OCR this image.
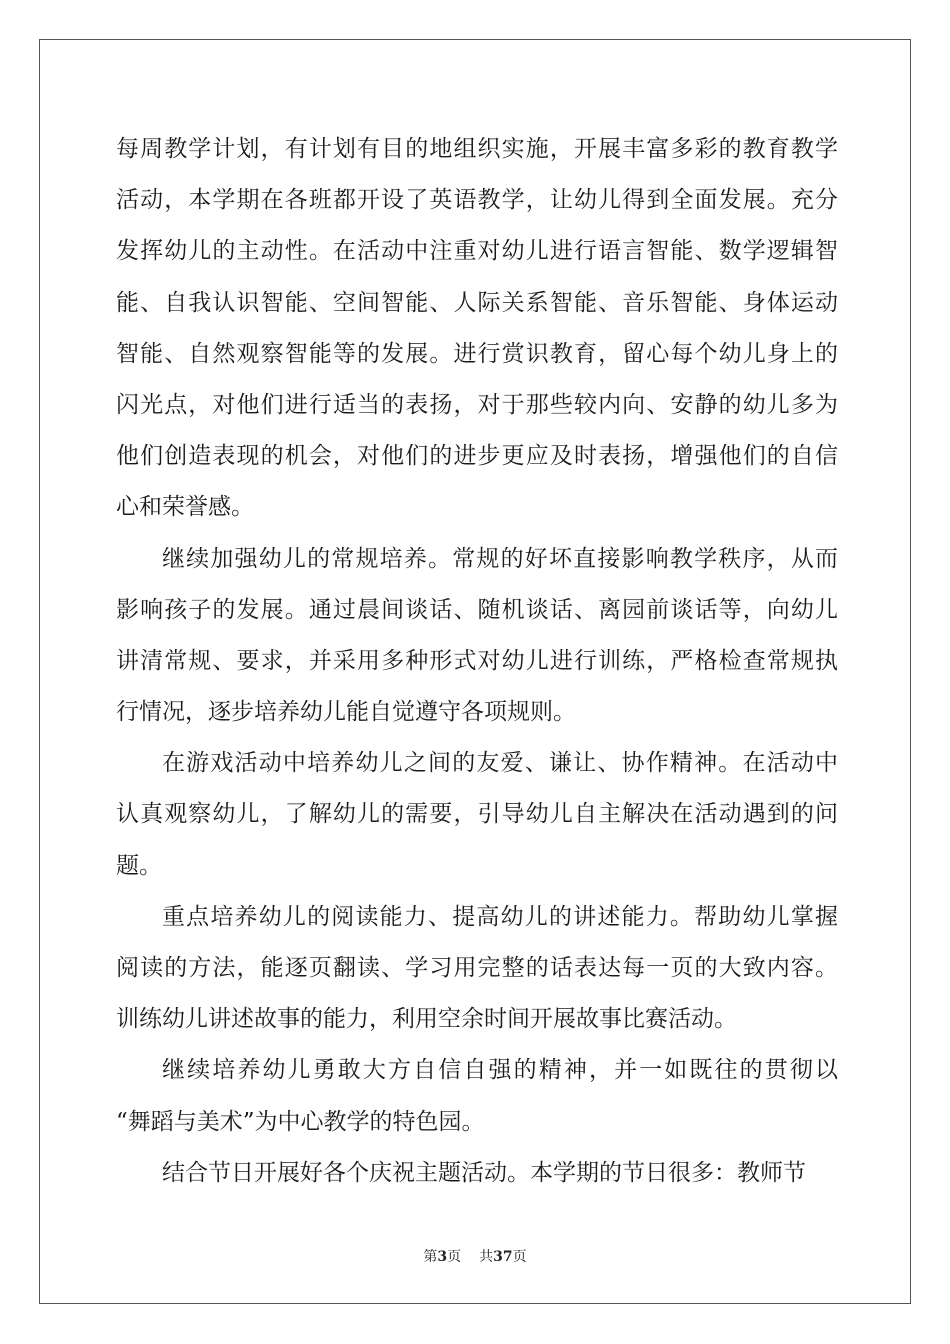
每周教学计划，有计划有目的地组织实施，开展丰富多彩的教育教学
活动，本学期在各班都开设了英语教学，让幼儿得到全面发展。充分
发挥幼儿的主动性。在活动中注重对幼儿进行语言智能、数学逻辑智
能、自我认识智能、空间智能、人际关系智能、音乐智能、身体运动
智能、自然观察智能等的发展。进行赏识教育，留心每个幼儿身上的
闪光点，对他们进行适当的表扬，对于那些较内向、安静的幼儿多为
他们创造表现的机会，对他们的进步更应及时表扬，增强他们的自信
心和荣誉感。
继续加强幼儿的常规培养。常规的好坏直接影响教学秩序，从而
影响孩子的发展。通过晨间谈话、随机谈话、离园前谈话等，向幼儿
讲清常规、要求，并采用多种形式对幼儿进行训练，严格检查常规执
行情况，逐步培养幼儿能自觉遵守各项规则。
在游戏活动中培养幼儿之间的友爱、谦让、协作精神。在活动中
认真观察幼儿，了解幼儿的需要，引导幼儿自主解决在活动遇到的问
题。
重点培养幼儿的阅读能力、提高幼儿的讲述能力。帮助幼儿掌握
阅读的方法，能逐页翻读、学习用完整的话表达每一页的大致内容。
训练幼儿讲述故事的能力，利用空余时间开展故事比赛活动。
继续培养幼儿勇敢大方自信自强的精神，并一如既往的贯彻以
“舞蹈与美术”为中心教学的特色园。
结合节日开展好各个庆祝主题活动。本学期的节日很多：教师节
第3页 共37页
